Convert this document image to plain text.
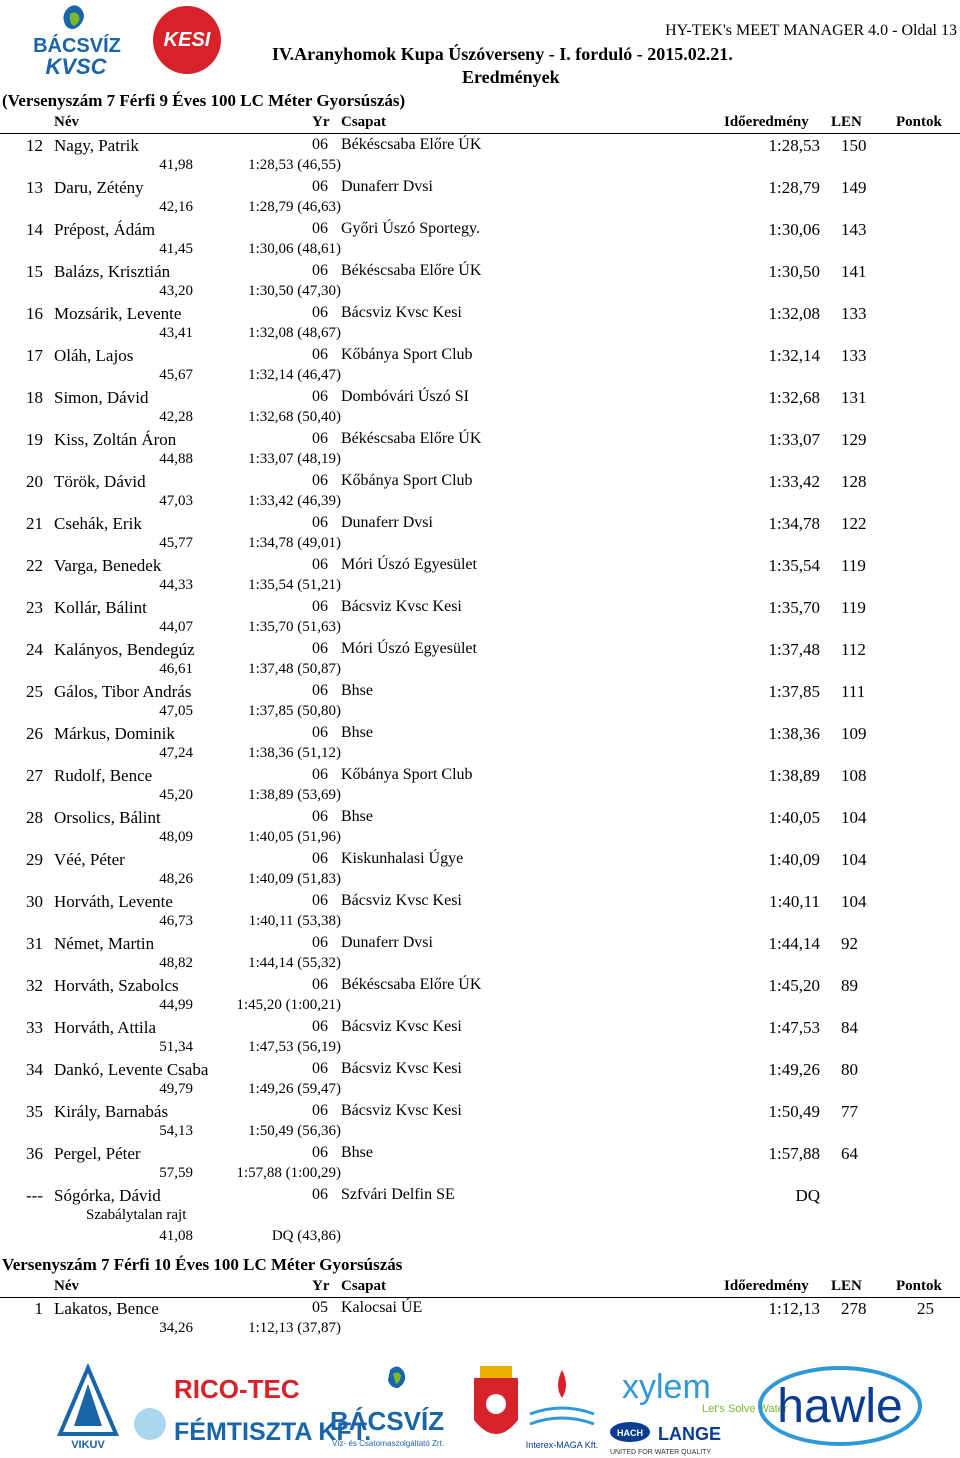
BÁCSVÍZ
KVSC
KESI	HY-TEK's MEET MANAGER 4.0 - Oldal 13
IV.Aranyhomok Kupa Úszóverseny - I. forduló - 2015.02.21.
Eredmények
(Versenyszám 7 Férfi 9 Éves 100 LC Méter Gyorsúszás)
Név	Yr Csapat	Időeredmény LEN Pontok
12 Nagy, Patrik	06 Békéscsaba Előre ÚK	1:28,53 150
41,98	1:28,53 (46,55)
13 Daru, Zétény	06 Dunaferr Dvsi	1:28,79 149
42,16	1:28,79 (46,63)
14 Prépost, Ádám	06 Győri Úszó Sportegy.	1:30,06 143
41,45	1:30,06 (48,61)
15 Balázs, Krisztián	06 Békéscsaba Előre ÚK	1:30,50 141
43,20	1:30,50 (47,30)
16 Mozsárik, Levente	06 Bácsviz Kvsc Kesi	1:32,08 133
43,41	1:32,08 (48,67)
17 Oláh, Lajos	06 Kőbánya Sport Club	1:32,14 133
45,67	1:32,14 (46,47)
18 Simon, Dávid	06 Dombóvári Úszó SI	1:32,68 131
42,28	1:32,68 (50,40)
19 Kiss, Zoltán Áron	06 Békéscsaba Előre ÚK	1:33,07 129
44,88	1:33,07 (48,19)
20 Török, Dávid	06 Kőbánya Sport Club	1:33,42 128
47,03	1:33,42 (46,39)
21 Csehák, Erik	06 Dunaferr Dvsi	1:34,78 122
45,77	1:34,78 (49,01)
22 Varga, Benedek	06 Móri Úszó Egyesület	1:35,54 119
44,33	1:35,54 (51,21)
23 Kollár, Bálint	06 Bácsviz Kvsc Kesi	1:35,70 119
44,07	1:35,70 (51,63)
24 Kalányos, Bendegúz	06 Móri Úszó Egyesület	1:37,48 112
46,61	1:37,48 (50,87)
25 Gálos, Tibor András	06 Bhse	1:37,85 111
47,05	1:37,85 (50,80)
26 Márkus, Dominik	06 Bhse	1:38,36 109
47,24	1:38,36 (51,12)
27 Rudolf, Bence	06 Kőbánya Sport Club	1:38,89 108
45,20	1:38,89 (53,69)
28 Orsolics, Bálint	06 Bhse	1:40,05 104
48,09	1:40,05 (51,96)
29 Véé, Péter	06 Kiskunhalasi Úgye	1:40,09 104
48,26	1:40,09 (51,83)
30 Horváth, Levente	06 Bácsviz Kvsc Kesi	1:40,11 104
46,73	1:40,11 (53,38)
31 Német, Martin	06 Dunaferr Dvsi	1:44,14 92
48,82	1:44,14 (55,32)
32 Horváth, Szabolcs	06 Békéscsaba Előre ÚK	1:45,20 89
44,99	1:45,20 (1:00,21)
33 Horváth, Attila	06 Bácsviz Kvsc Kesi	1:47,53 84
51,34	1:47,53 (56,19)
34 Dankó, Levente Csaba	06 Bácsviz Kvsc Kesi	1:49,26 80
49,79	1:49,26 (59,47)
35 Király, Barnabás	06 Bácsviz Kvsc Kesi	1:50,49 77
54,13	1:50,49 (56,36)
36 Pergel, Péter	06 Bhse	1:57,88 64
57,59	1:57,88 (1:00,29)
--- Sógórka, Dávid	06 Szfvári Delfin SE	DQ
Szabálytalan rajt
41,08	DQ (43,86)
Versenyszám 7 Férfi 10 Éves 100 LC Méter Gyorsúszás
Név	Yr Csapat	Időeredmény LEN Pontok
1 Lakatos, Bence	05 Kalocsai ÚE	1:12,13 278	25
34,26	1:12,13 (37,87)
VIKUV
RICO-TEC
FÉMTISZTA KFT.
BÁCSVÍZ
Víz- és Csatornaszolgáltató Zrt.	Interex-MAGA Kft.
xylem
Let's Solve Water
HACH LANGE
UNITED FOR WATER QUALITY
hawle
